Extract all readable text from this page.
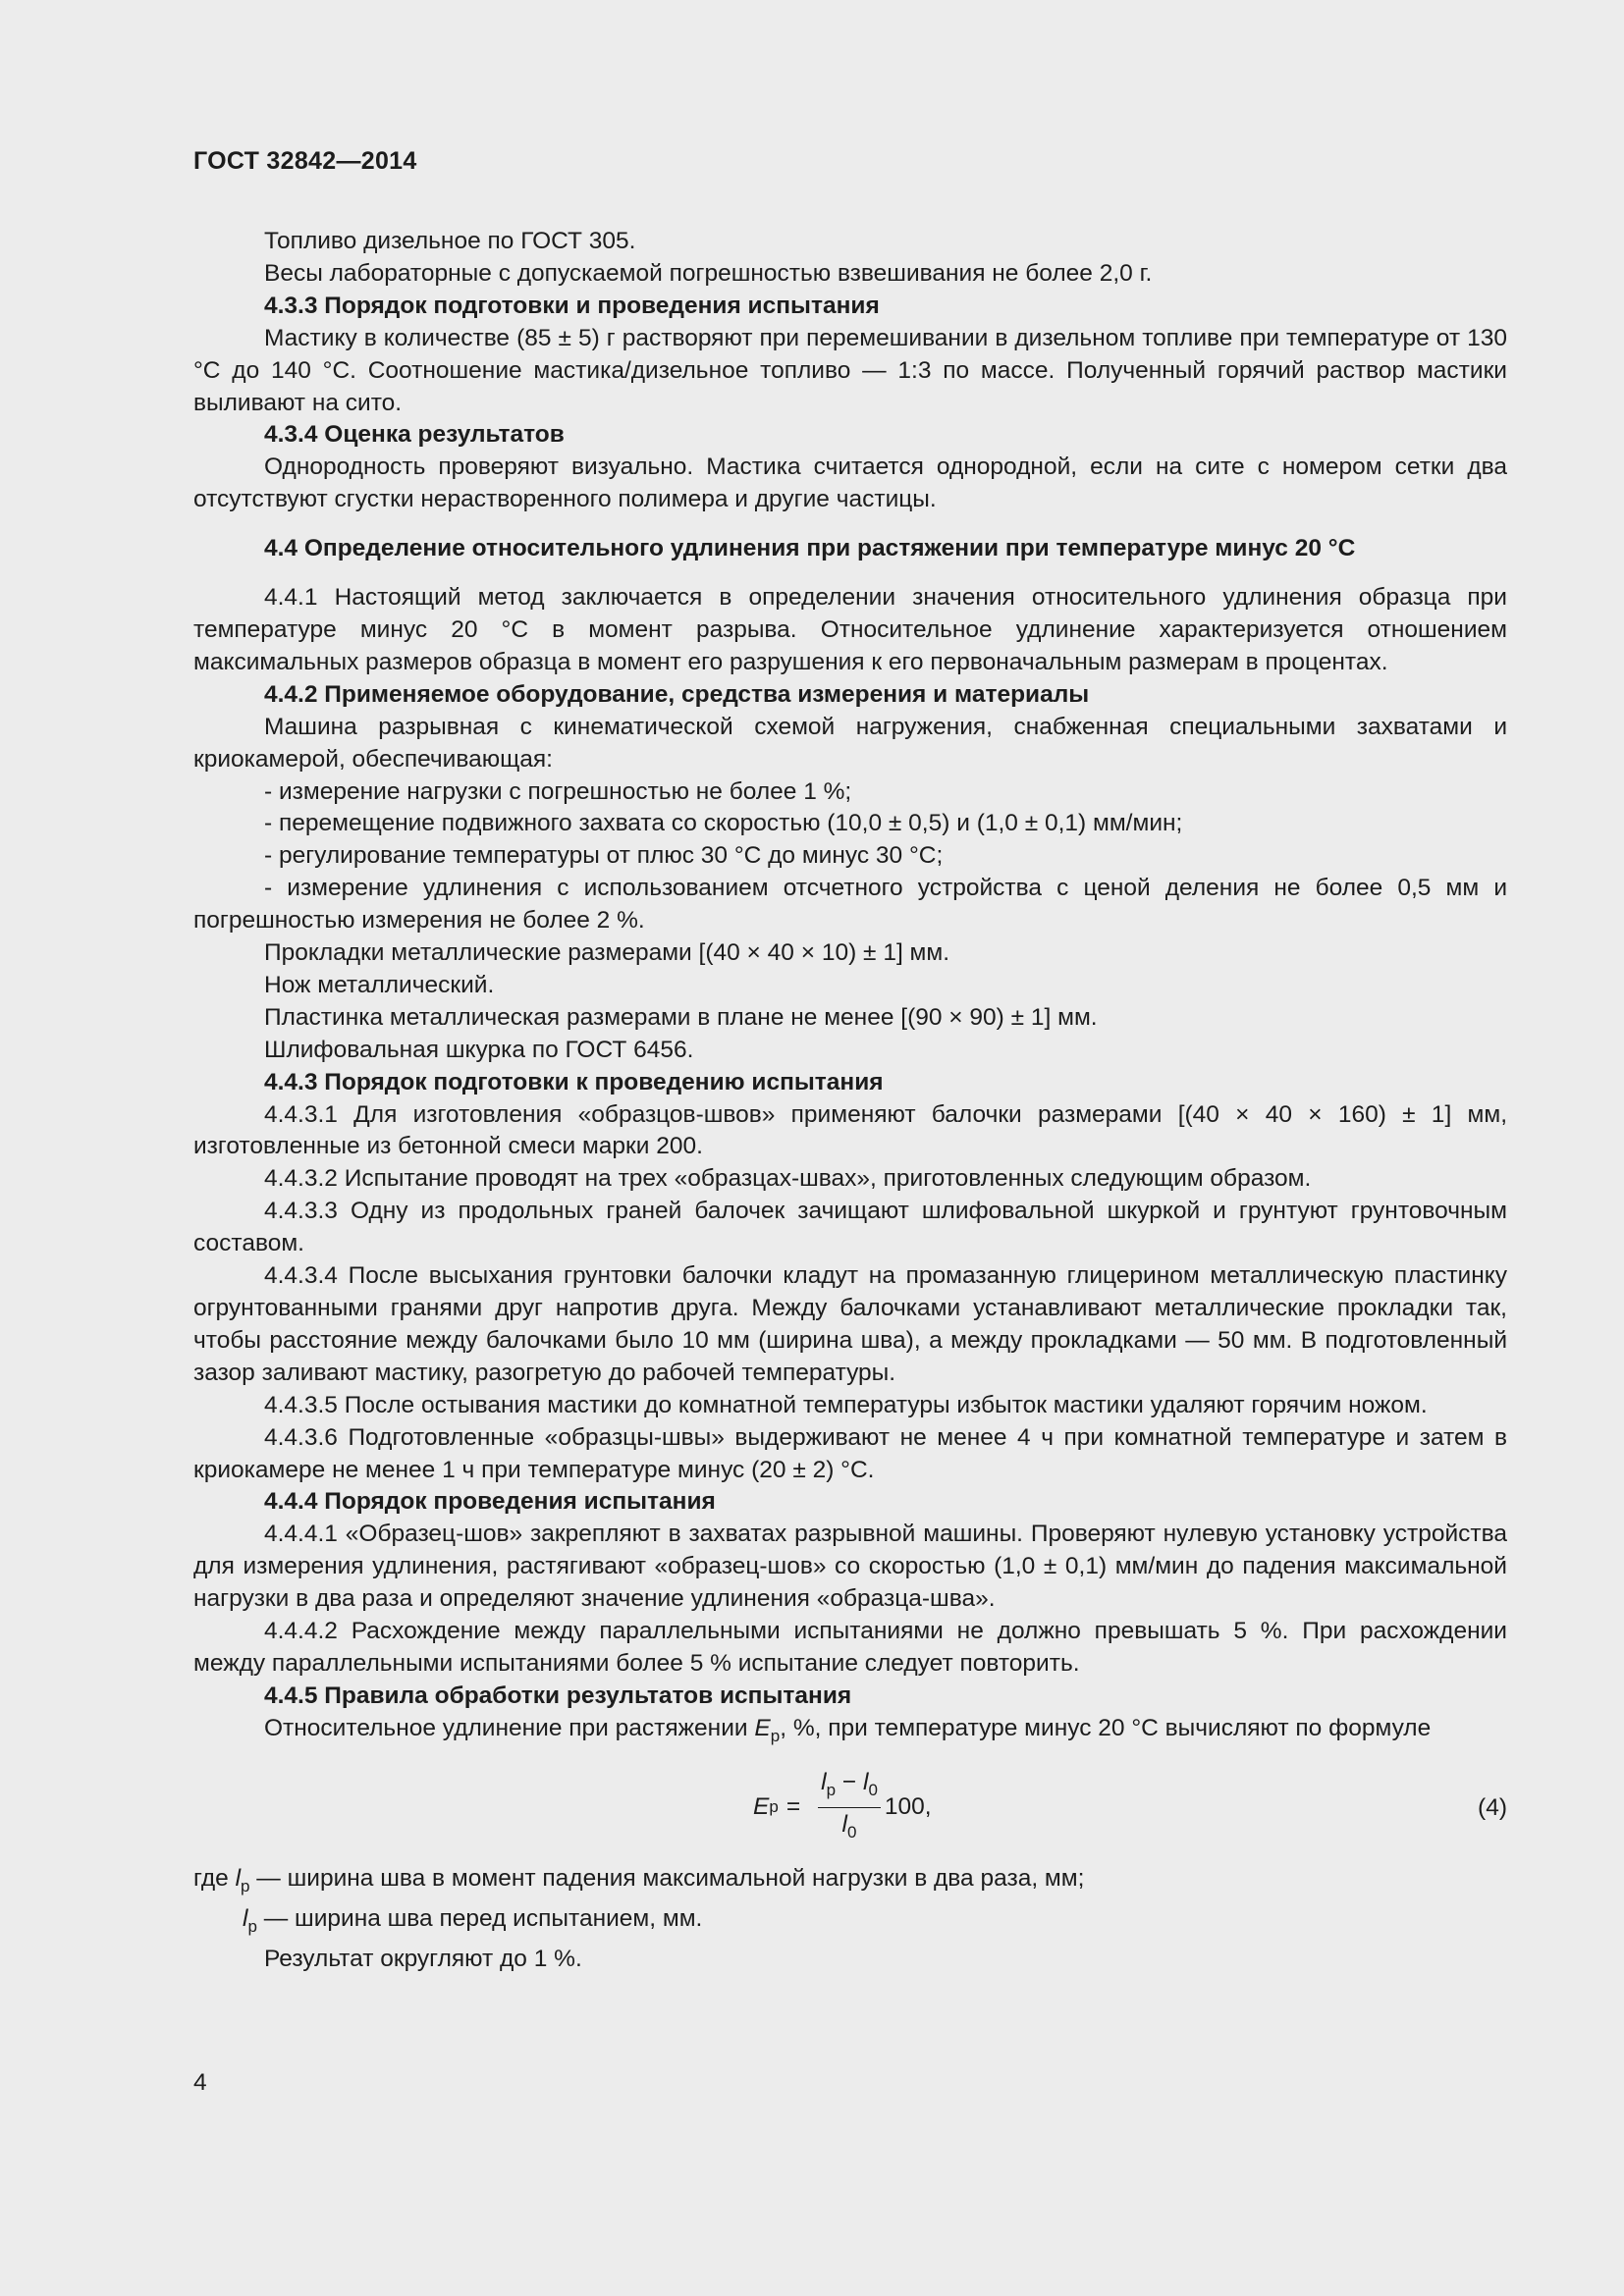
ГОСТ 32842—2014

Топливо дизельное по ГОСТ 305.

Весы лабораторные с допускаемой погрешностью взвешивания не более 2,0 г.

4.3.3 Порядок подготовки и проведения испытания

Мастику в количестве (85 ± 5) г растворяют при перемешивании в дизельном топливе при температуре от 130 °С до 140 °С. Соотношение мастика/дизельное топливо — 1:3 по массе. Полученный горячий раствор мастики выливают на сито.

4.3.4 Оценка результатов

Однородность проверяют визуально. Мастика считается однородной, если на сите с номером сетки два отсутствуют сгустки нерастворенного полимера и другие частицы.

4.4 Определение относительного удлинения при растяжении при температуре минус 20 °С

4.4.1 Настоящий метод заключается в определении значения относительного удлинения образца при температуре минус 20 °С в момент разрыва. Относительное удлинение характеризуется отношением максимальных размеров образца в момент его разрушения к его первоначальным размерам в процентах.

4.4.2 Применяемое оборудование, средства измерения и материалы

Машина разрывная с кинематической схемой нагружения, снабженная специальными захватами и криокамерой, обеспечивающая:

- измерение нагрузки с погрешностью не более 1 %;

- перемещение подвижного захвата со скоростью (10,0 ± 0,5) и (1,0 ± 0,1) мм/мин;

- регулирование температуры от плюс 30 °С до минус 30 °С;

- измерение удлинения с использованием отсчетного устройства с ценой деления не более 0,5 мм и погрешностью измерения не более 2 %.

Прокладки металлические размерами [(40 × 40 × 10) ± 1] мм.

Нож металлический.

Пластинка металлическая размерами в плане не менее [(90 × 90) ± 1] мм.

Шлифовальная шкурка по ГОСТ 6456.

4.4.3 Порядок подготовки к проведению испытания

4.4.3.1 Для изготовления «образцов-швов» применяют балочки размерами [(40 × 40 × 160) ± 1] мм, изготовленные из бетонной смеси марки 200.

4.4.3.2 Испытание проводят на трех «образцах-швах», приготовленных следующим образом.

4.4.3.3 Одну из продольных граней балочек зачищают шлифовальной шкуркой и грунтуют грунтовочным составом.

4.4.3.4 После высыхания грунтовки балочки кладут на промазанную глицерином металлическую пластинку огрунтованными гранями друг напротив друга. Между балочками устанавливают металлические прокладки так, чтобы расстояние между балочками было 10 мм (ширина шва), а между прокладками — 50 мм. В подготовленный зазор заливают мастику, разогретую до рабочей температуры.

4.4.3.5 После остывания мастики до комнатной температуры избыток мастики удаляют горячим ножом.

4.4.3.6 Подготовленные «образцы-швы» выдерживают не менее 4 ч при комнатной температуре и затем в криокамере не менее 1 ч при температуре минус (20 ± 2) °С.

4.4.4 Порядок проведения испытания

4.4.4.1 «Образец-шов» закрепляют в захватах разрывной машины. Проверяют нулевую установку устройства для измерения удлинения, растягивают «образец-шов» со скоростью (1,0 ± 0,1) мм/мин до падения максимальной нагрузки в два раза и определяют значение удлинения «образца-шва».

4.4.4.2 Расхождение между параллельными испытаниями не должно превышать 5 %. При расхождении между параллельными испытаниями более 5 % испытание следует повторить.

4.4.5 Правила обработки результатов испытания

Относительное удлинение при растяжении $E_p$, %, при температуре минус 20 °С вычисляют по формуле

E $p = \frac{l_p - l_0}{l_0} 100$,	(4)

где $l_p$ — ширина шва в момент падения максимальной нагрузки в два раза, мм;

$l_p$ — ширина шва перед испытанием, мм.

Результат округляют до 1 %.

4
